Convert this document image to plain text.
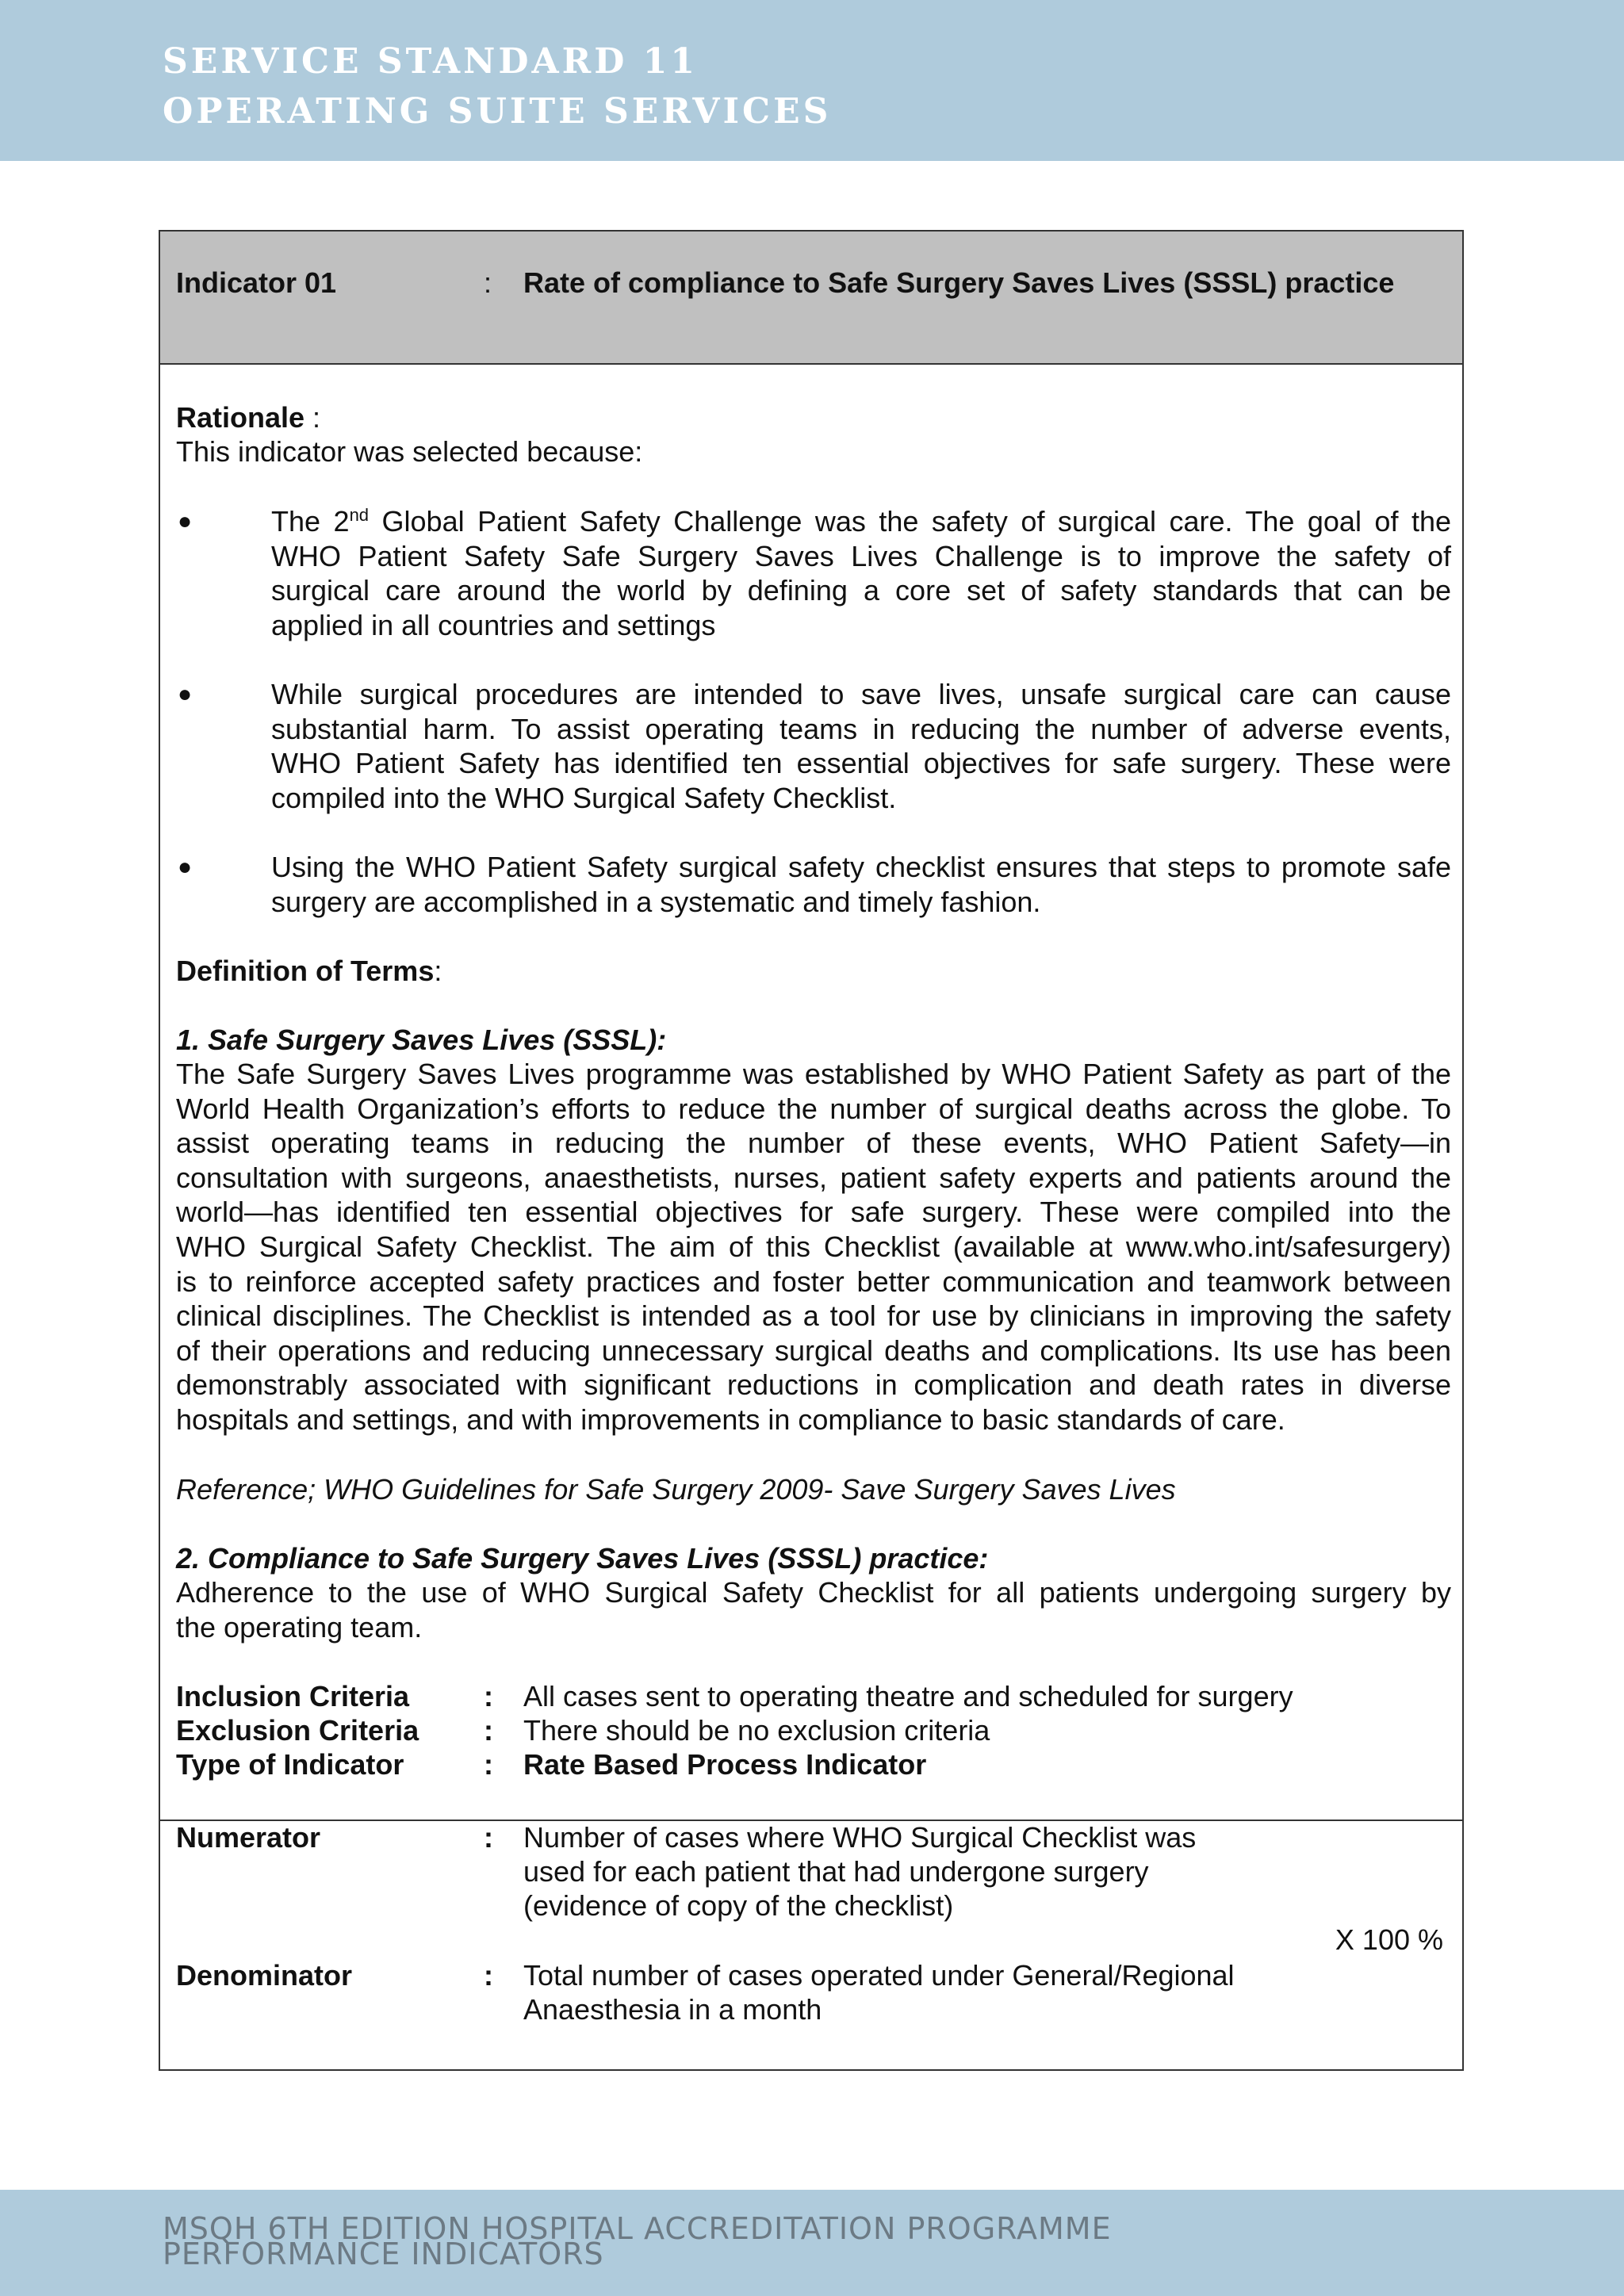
SERVICE STANDARD 11
OPERATING SUITE SERVICES
Indicator 01	: Rate of compliance to Safe Surgery Saves Lives (SSSL) practice
Rationale :
This indicator was selected because:
●	The 2nd Global Patient Safety Challenge was the safety of surgical care. The goal of the
WHO Patient Safety Safe Surgery Saves Lives Challenge is to improve the safety of
surgical care around the world by defining a core set of safety standards that can be
applied in all countries and settings
●	While surgical procedures are intended to save lives, unsafe surgical care can cause
substantial harm. To assist operating teams in reducing the number of adverse events,
WHO Patient Safety has identified ten essential objectives for safe surgery. These were
compiled into the WHO Surgical Safety Checklist.
●	Using the WHO Patient Safety surgical safety checklist ensures that steps to promote safe
surgery are accomplished in a systematic and timely fashion.
Definition of Terms:
1. Safe Surgery Saves Lives (SSSL):
The Safe Surgery Saves Lives programme was established by WHO Patient Safety as part of the
World Health Organization’s efforts to reduce the number of surgical deaths across the globe. To
assist operating teams in reducing the number of these events, WHO Patient Safety—in
consultation with surgeons, anaesthetists, nurses, patient safety experts and patients around the
world—has identified ten essential objectives for safe surgery. These were compiled into the
WHO Surgical Safety Checklist. The aim of this Checklist (available at www.who.int/safesurgery)
is to reinforce accepted safety practices and foster better communication and teamwork between
clinical disciplines. The Checklist is intended as a tool for use by clinicians in improving the safety
of their operations and reducing unnecessary surgical deaths and complications. Its use has been
demonstrably associated with significant reductions in complication and death rates in diverse
hospitals and settings, and with improvements in compliance to basic standards of care.
Reference; WHO Guidelines for Safe Surgery 2009- Save Surgery Saves Lives
2. Compliance to Safe Surgery Saves Lives (SSSL) practice:
Adherence to the use of WHO Surgical Safety Checklist for all patients undergoing surgery by
the operating team.
Inclusion Criteria	: All cases sent to operating theatre and scheduled for surgery
Exclusion Criteria : There should be no exclusion criteria
Type of Indicator	: Rate Based Process Indicator
Numerator	: Number of cases where WHO Surgical Checklist was
used for each patient that had undergone surgery
(evidence of copy of the checklist)
X 100 %
Denominator	: Total number of cases operated under General/Regional
Anaesthesia in a month
MSQH 6TH EDITION HOSPITAL ACCREDITATION PROGRAMME
PERFORMANCE INDICATORS
